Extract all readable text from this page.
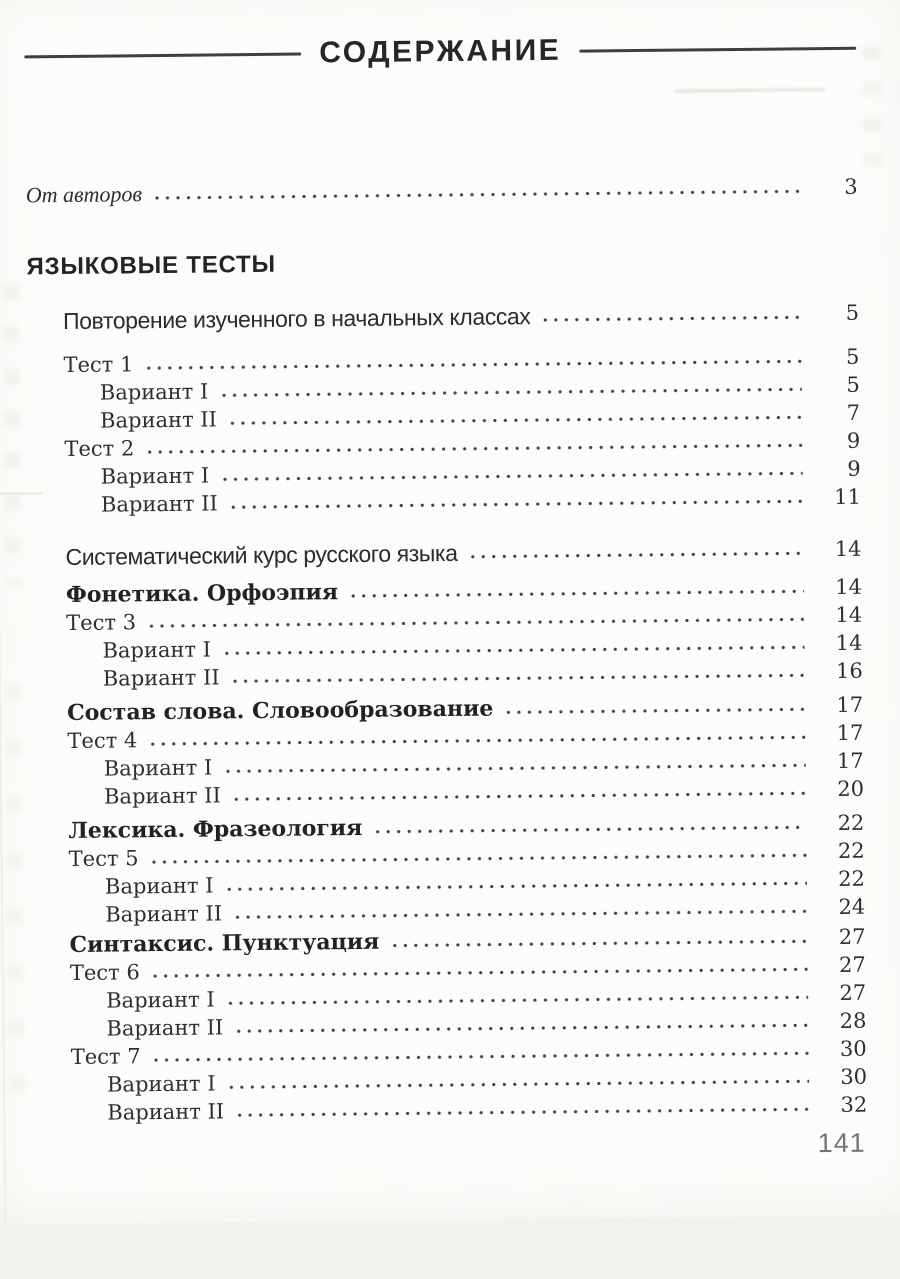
СОДЕРЖАНИЕ
От авторов	3
ЯЗЫКОВЫЕ ТЕСТЫ
Повторение изученного в начальных классах	5
Тест 1	5
Вариант I	5
Вариант II	7
Тест 2	9
Вариант I	9
Вариант II	11
Систематический курс русского языка	14
Фонетика. Орфоэпия	14
Тест 3	14
Вариант I	14
Вариант II	16
Состав слова. Словообразование	17
Тест 4	17
Вариант I	17
Вариант II	20
Лексика. Фразеология	22
Тест 5	22
Вариант I	22
Вариант II	24
Синтаксис. Пунктуация	27
Тест 6	27
Вариант I	27
Вариант II	28
Тест 7	30
Вариант I	30
Вариант II	32
141
